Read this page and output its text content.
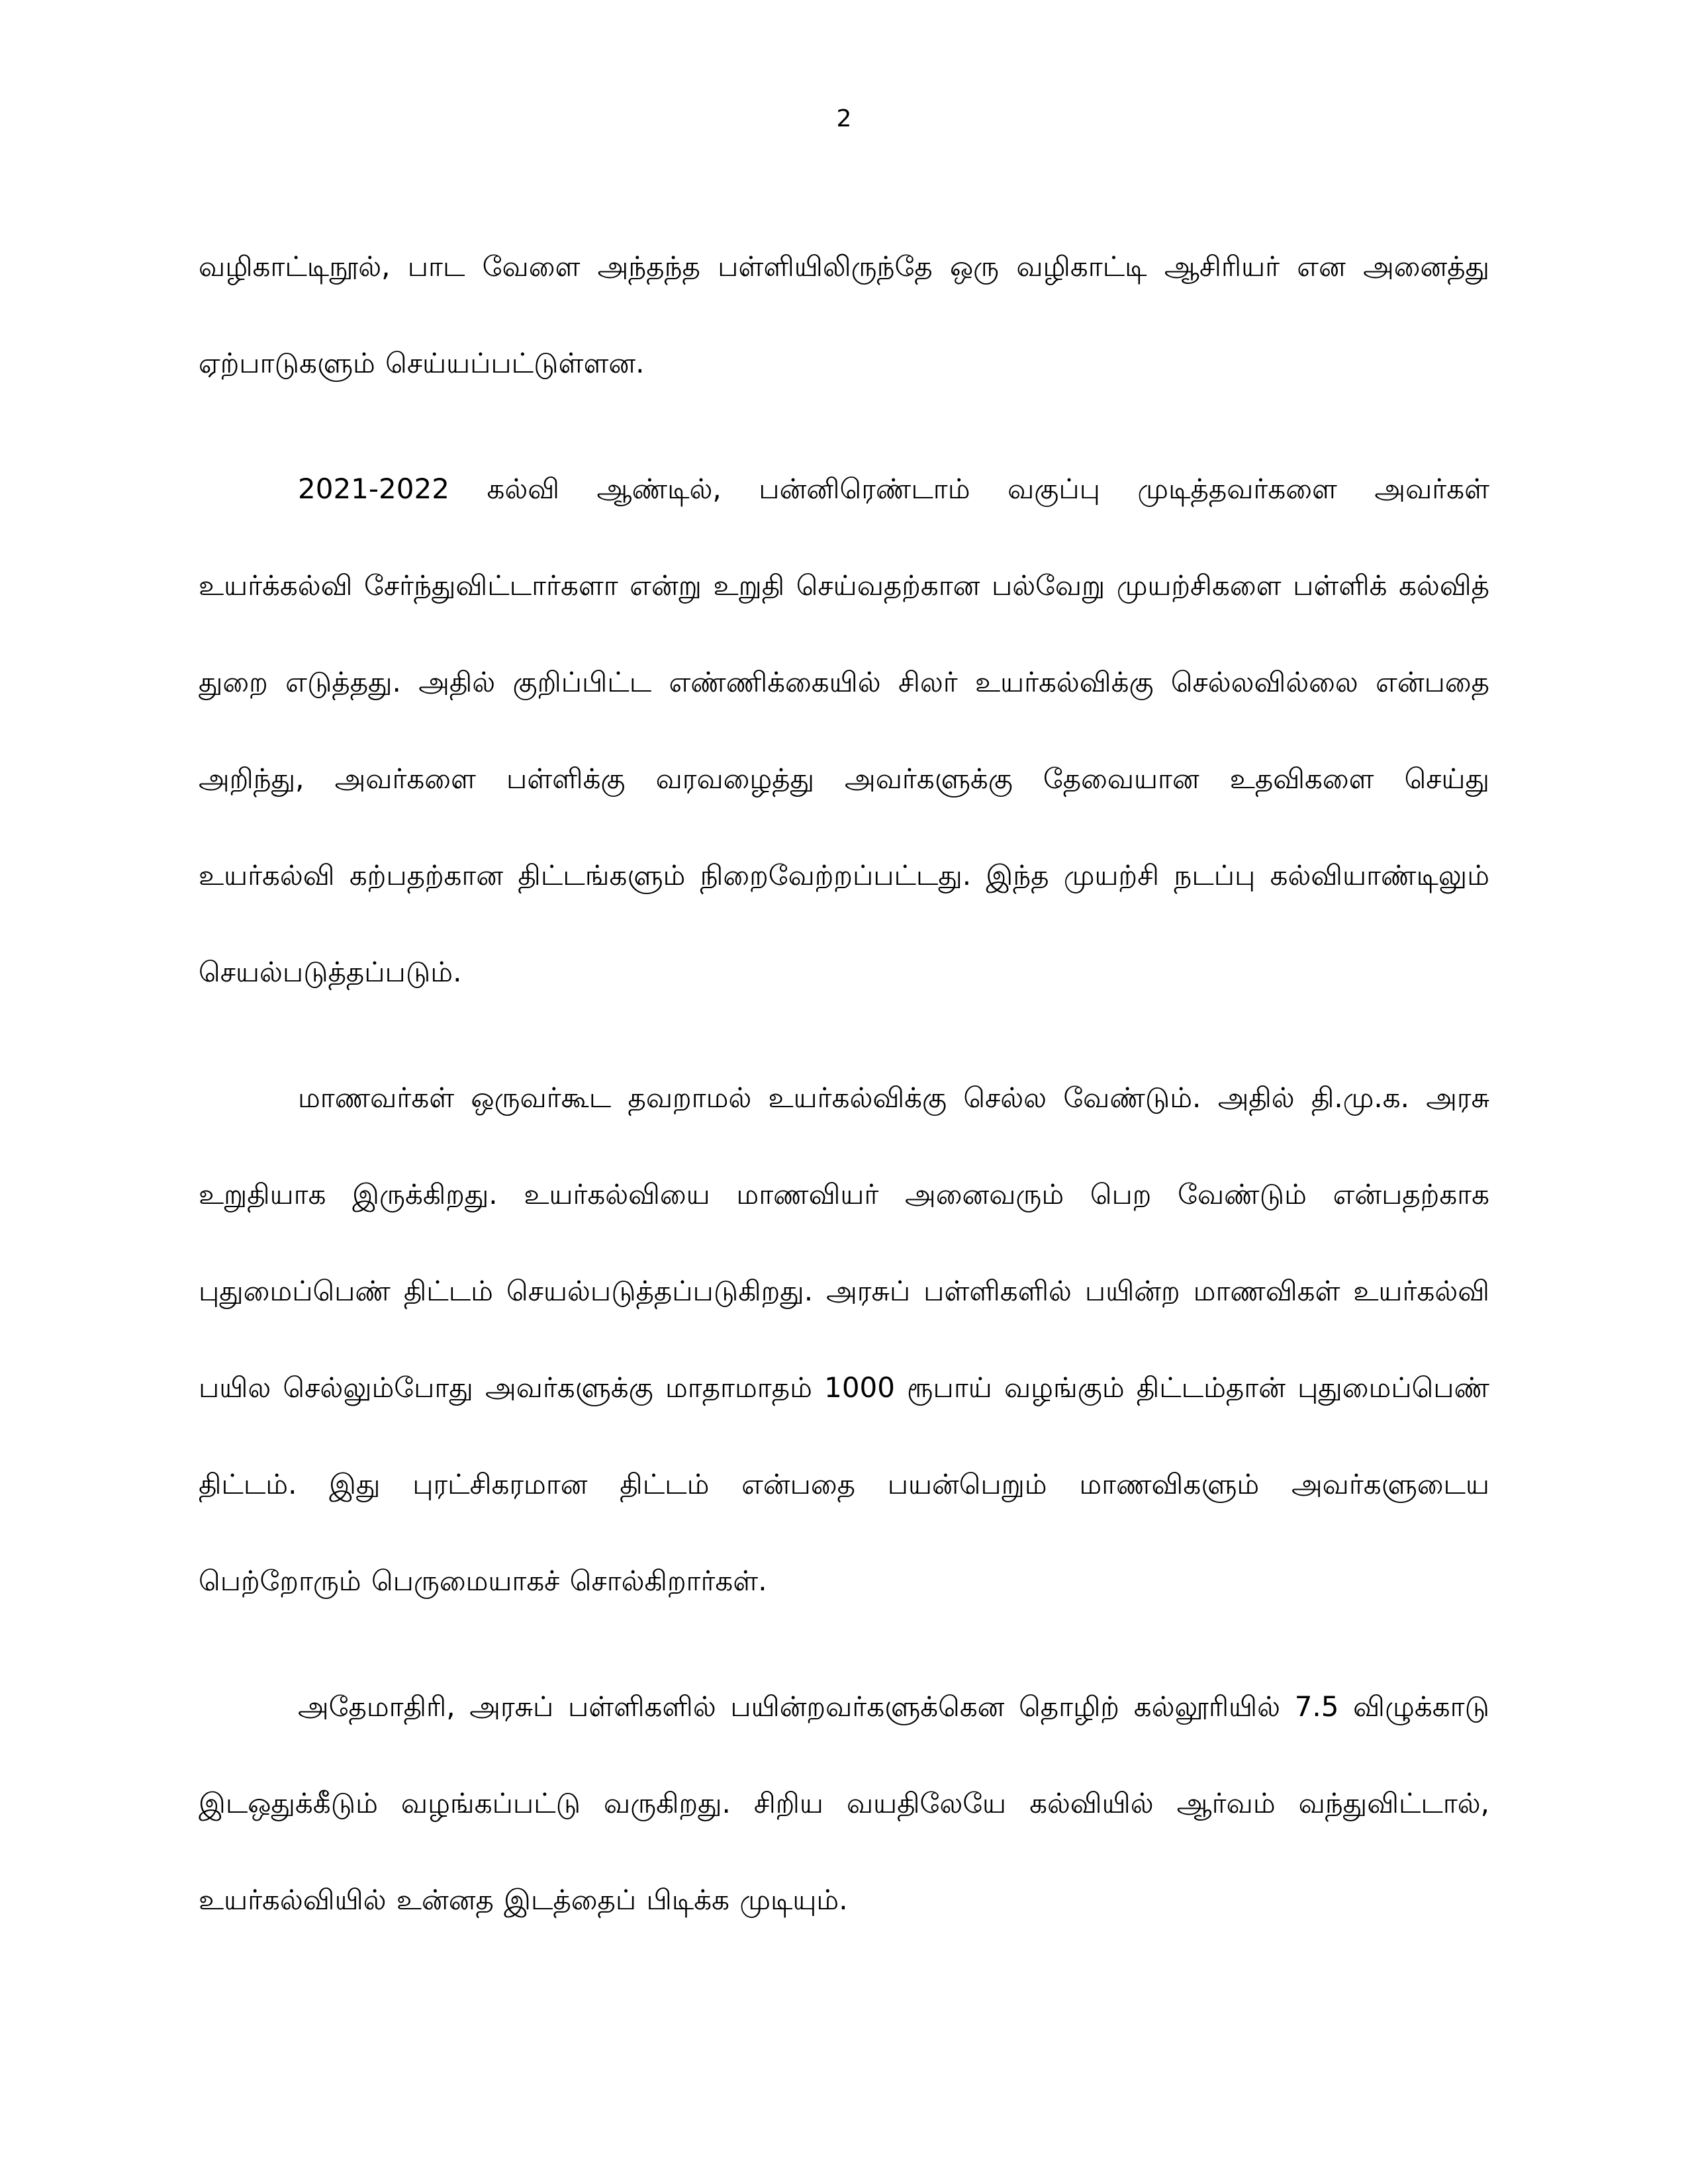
2

வழிகாட்டிநூல், பாட வேளை அந்தந்த பள்ளியிலிருந்தே ஒரு வழிகாட்டி ஆசிரியர் என அனைத்து ஏற்பாடுகளும் செய்யப்பட்டுள்ளன.

2021-2022 கல்வி ஆண்டில், பன்னிரெண்டாம் வகுப்பு முடித்தவர்களை அவர்கள் உயர்க்கல்வி சேர்ந்துவிட்டார்களா என்று உறுதி செய்வதற்கான பல்வேறு முயற்சிகளை பள்ளிக் கல்வித் துறை எடுத்தது. அதில் குறிப்பிட்ட எண்ணிக்கையில் சிலர் உயர்கல்விக்கு செல்லவில்லை என்பதை அறிந்து, அவர்களை பள்ளிக்கு வரவழைத்து அவர்களுக்கு தேவையான உதவிகளை செய்து உயர்கல்வி கற்பதற்கான திட்டங்களும் நிறைவேற்றப்பட்டது. இந்த முயற்சி நடப்பு கல்வியாண்டிலும் செயல்படுத்தப்படும்.

மாணவர்கள் ஒருவர்கூட தவறாமல் உயர்கல்விக்கு செல்ல வேண்டும். அதில் தி.மு.க. அரசு உறுதியாக இருக்கிறது. உயர்கல்வியை மாணவியர் அனைவரும் பெற வேண்டும் என்பதற்காக புதுமைப்பெண் திட்டம் செயல்படுத்தப்படுகிறது. அரசுப் பள்ளிகளில் பயின்ற மாணவிகள் உயர்கல்வி பயில செல்லும்போது அவர்களுக்கு மாதாமாதம் 1000 ரூபாய் வழங்கும் திட்டம்தான் புதுமைப்பெண் திட்டம். இது புரட்சிகரமான திட்டம் என்பதை பயன்பெறும் மாணவிகளும் அவர்களுடைய பெற்றோரும் பெருமையாகச் சொல்கிறார்கள்.

அதேமாதிரி, அரசுப் பள்ளிகளில் பயின்றவர்களுக்கென தொழிற் கல்லூரியில் 7.5 விழுக்காடு இடஒதுக்கீடும் வழங்கப்பட்டு வருகிறது. சிறிய வயதிலேயே கல்வியில் ஆர்வம் வந்துவிட்டால், உயர்கல்வியில் உன்னத இடத்தைப் பிடிக்க முடியும்.
